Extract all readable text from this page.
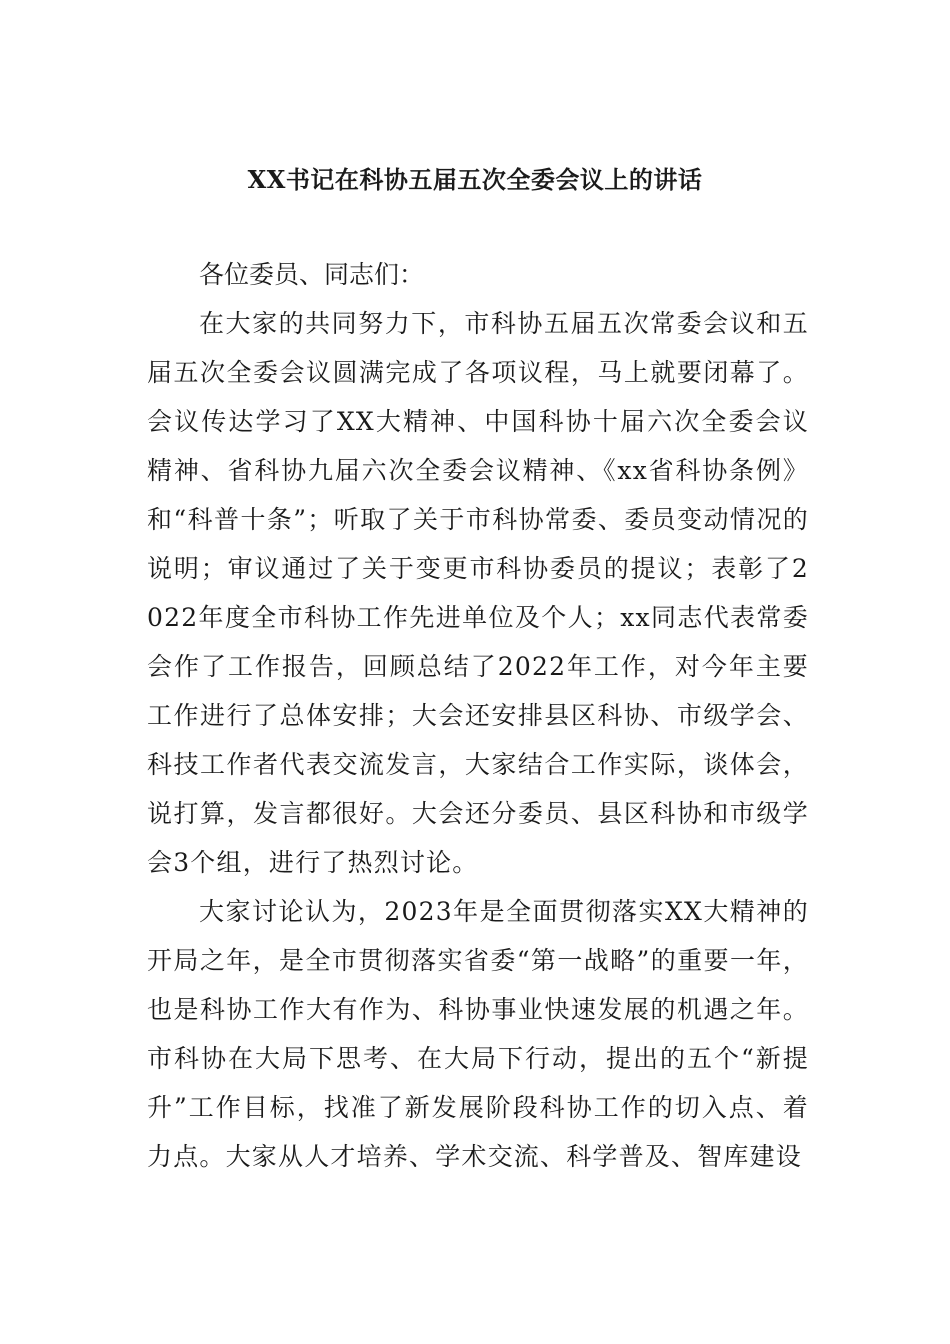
XX书记在科协五届五次全委会议上的讲话

各位委员、同志们：

在大家的共同努力下，市科协五届五次常委会议和五届五次全委会议圆满完成了各项议程，马上就要闭幕了。会议传达学习了XX大精神、中国科协十届六次全委会议精神、省科协九届六次全委会议精神、《xx省科协条例》和“科普十条”；听取了关于市科协常委、委员变动情况的说明；审议通过了关于变更市科协委员的提议；表彰了2022年度全市科协工作先进单位及个人；xx同志代表常委会作了工作报告，回顾总结了2022年工作，对今年主要工作进行了总体安排；大会还安排县区科协、市级学会、科技工作者代表交流发言，大家结合工作实际，谈体会，说打算，发言都很好。大会还分委员、县区科协和市级学会3个组，进行了热烈讨论。

大家讨论认为，2023年是全面贯彻落实XX大精神的开局之年，是全市贯彻落实省委“第一战略”的重要一年，也是科协工作大有作为、科协事业快速发展的机遇之年。市科协在大局下思考、在大局下行动，提出的五个“新提升”工作目标，找准了新发展阶段科协工作的切入点、着力点。大家从人才培养、学术交流、科学普及、智库建设
